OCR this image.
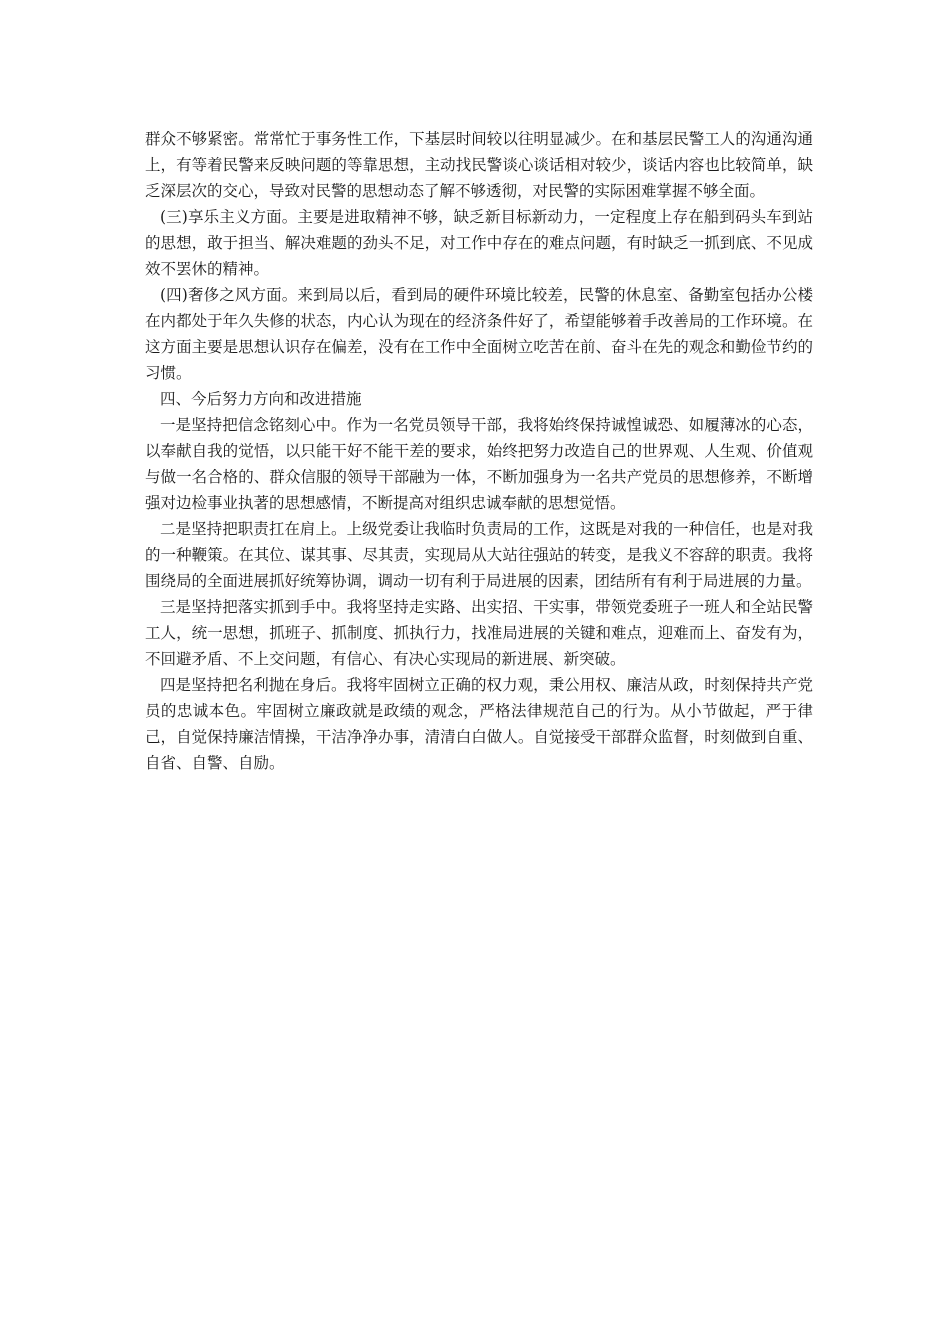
群众不够紧密。常常忙于事务性工作，下基层时间较以往明显减少。在和基层民警工人的沟通沟通上，有等着民警来反映问题的等靠思想，主动找民警谈心谈话相对较少，谈话内容也比较简单，缺乏深层次的交心，导致对民警的思想动态了解不够透彻，对民警的实际困难掌握不够全面。

(三)享乐主义方面。主要是进取精神不够，缺乏新目标新动力，一定程度上存在船到码头车到站的思想，敢于担当、解决难题的劲头不足，对工作中存在的难点问题，有时缺乏一抓到底、不见成效不罢休的精神。

(四)奢侈之风方面。来到局以后，看到局的硬件环境比较差，民警的休息室、备勤室包括办公楼在内都处于年久失修的状态，内心认为现在的经济条件好了，希望能够着手改善局的工作环境。在这方面主要是思想认识存在偏差，没有在工作中全面树立吃苦在前、奋斗在先的观念和勤俭节约的习惯。

四、今后努力方向和改进措施

一是坚持把信念铭刻心中。作为一名党员领导干部，我将始终保持诚惶诚恐、如履薄冰的心态，以奉献自我的觉悟，以只能干好不能干差的要求，始终把努力改造自己的世界观、人生观、价值观与做一名合格的、群众信服的领导干部融为一体，不断加强身为一名共产党员的思想修养，不断增强对边检事业执著的思想感情，不断提高对组织忠诚奉献的思想觉悟。

二是坚持把职责扛在肩上。上级党委让我临时负责局的工作，这既是对我的一种信任，也是对我的一种鞭策。在其位、谋其事、尽其责，实现局从大站往强站的转变，是我义不容辞的职责。我将围绕局的全面进展抓好统筹协调，调动一切有利于局进展的因素，团结所有有利于局进展的力量。

三是坚持把落实抓到手中。我将坚持走实路、出实招、干实事，带领党委班子一班人和全站民警工人，统一思想，抓班子、抓制度、抓执行力，找准局进展的关键和难点，迎难而上、奋发有为，不回避矛盾、不上交问题，有信心、有决心实现局的新进展、新突破。

四是坚持把名利抛在身后。我将牢固树立正确的权力观，秉公用权、廉洁从政，时刻保持共产党员的忠诚本色。牢固树立廉政就是政绩的观念，严格法律规范自己的行为。从小节做起，严于律己，自觉保持廉洁情操，干洁净净办事，清清白白做人。自觉接受干部群众监督，时刻做到自重、自省、自警、自励。
